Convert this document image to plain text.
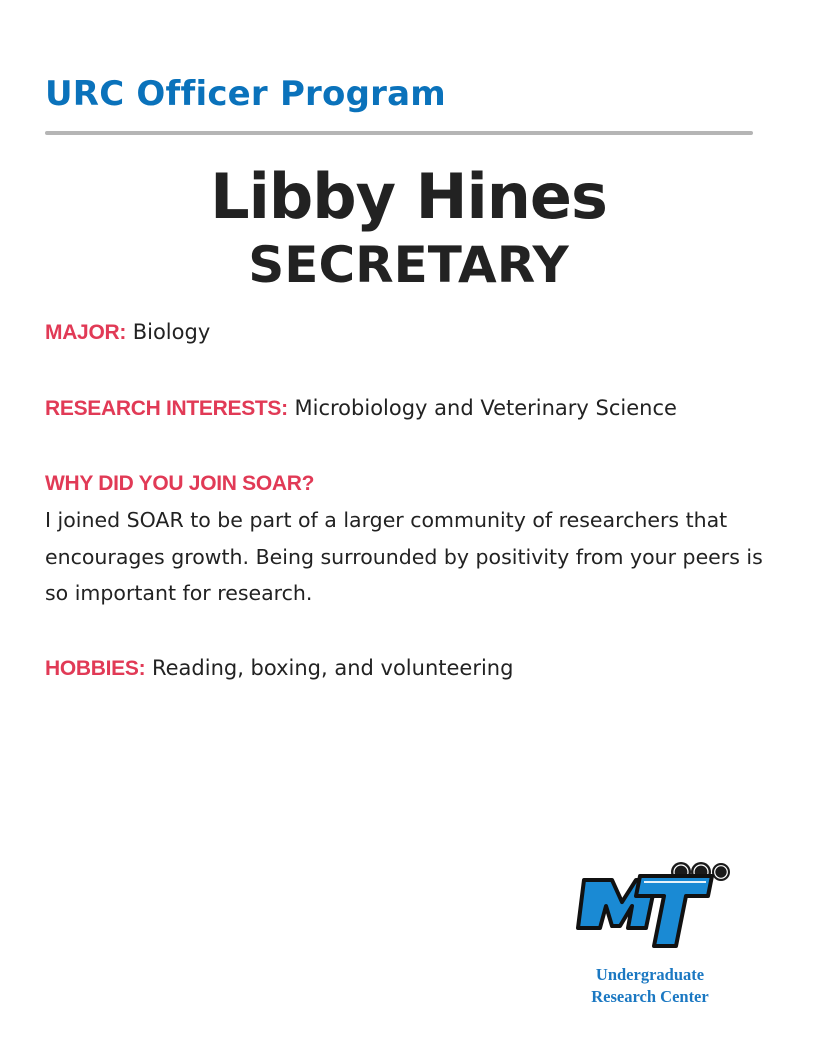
URC Officer Program
Libby Hines
SECRETARY
MAJOR: Biology
RESEARCH INTERESTS: Microbiology and Veterinary Science
WHY DID YOU JOIN SOAR?
I joined SOAR to be part of a larger community of researchers that encourages growth. Being surrounded by positivity from your peers is so important for research.
HOBBIES: Reading, boxing, and volunteering
Undergraduate
Research Center
